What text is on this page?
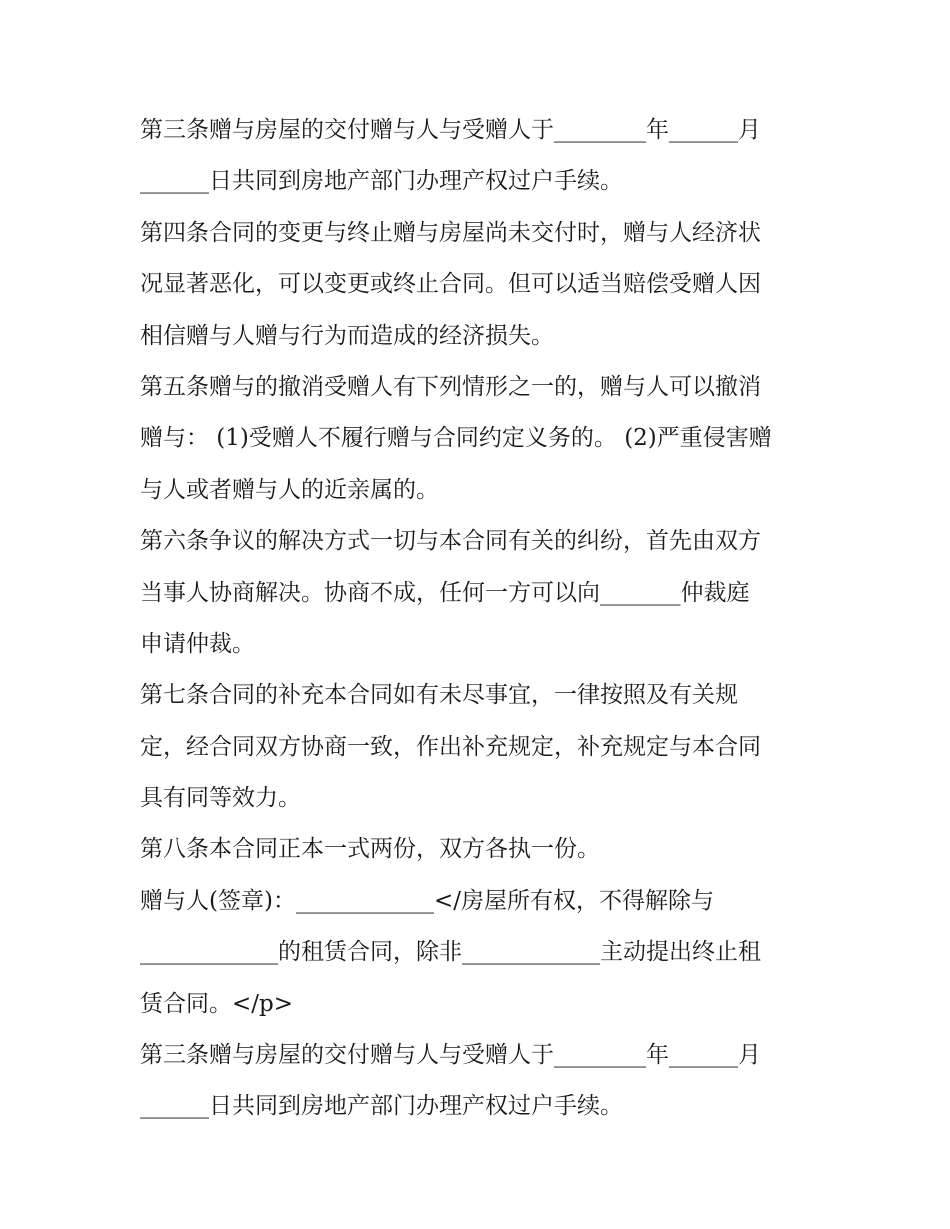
第三条赠与房屋的交付赠与人与受赠人于________年______月
______日共同到房地产部门办理产权过户手续。
第四条合同的变更与终止赠与房屋尚未交付时，赠与人经济状
况显著恶化，可以变更或终止合同。但可以适当赔偿受赠人因
相信赠与人赠与行为而造成的经济损失。
第五条赠与的撤消受赠人有下列情形之一的，赠与人可以撤消
赠与： (1)受赠人不履行赠与合同约定义务的。 (2)严重侵害赠
与人或者赠与人的近亲属的。
第六条争议的解决方式一切与本合同有关的纠纷，首先由双方
当事人协商解决。协商不成，任何一方可以向_______仲裁庭
申请仲裁。
第七条合同的补充本合同如有未尽事宜，一律按照及有关规
定，经合同双方协商一致，作出补充规定，补充规定与本合同
具有同等效力。
第八条本合同正本一式两份，双方各执一份。
赠与人(签章)：____________</房屋所有权，不得解除与
____________的租赁合同，除非____________主动提出终止租
赁合同。</p>
第三条赠与房屋的交付赠与人与受赠人于________年______月
______日共同到房地产部门办理产权过户手续。
